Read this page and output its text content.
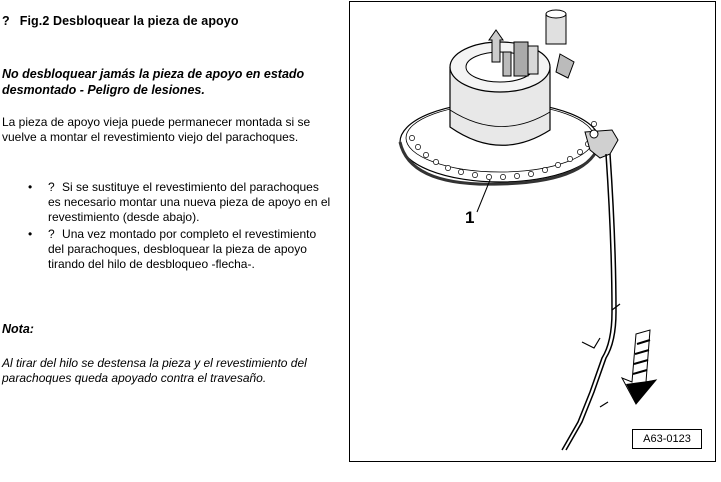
? Fig.2 Desbloquear la pieza de apoyo
No desbloquear jamás la pieza de apoyo en estado desmontado - Peligro de lesiones.
La pieza de apoyo vieja puede permanecer montada si se vuelve a montar el revestimiento viejo del parachoques.
• ? Si se sustituye el revestimiento del parachoques es necesario montar una nueva pieza de apoyo en el revestimiento (desde abajo).
• ? Una vez montado por completo el revestimiento del parachoques, desbloquear la pieza de apoyo tirando del hilo de desbloqueo -flecha-.
Nota:
Al tirar del hilo se destensa la pieza y el revestimiento del parachoques queda apoyado contra el travesaño.
1
A63-0123
